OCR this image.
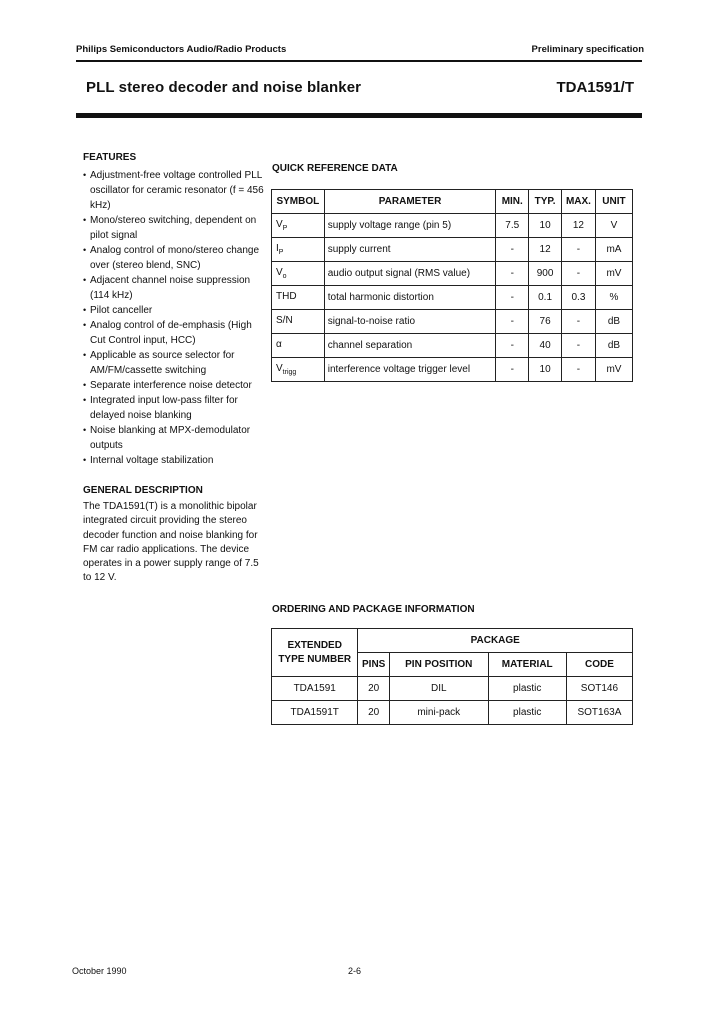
Philips Semiconductors Audio/Radio Products	Preliminary specification
PLL stereo decoder and noise blanker	TDA1591/T
FEATURES
• Adjustment-free voltage controlled PLL oscillator for ceramic resonator (f = 456 kHz)
• Mono/stereo switching, dependent on pilot signal
• Analog control of mono/stereo change over (stereo blend, SNC)
• Adjacent channel noise suppression (114 kHz)
• Pilot canceller
• Analog control of de-emphasis (High Cut Control input, HCC)
• Applicable as source selector for AM/FM/cassette switching
• Separate interference noise detector
• Integrated input low-pass filter for delayed noise blanking
• Noise blanking at MPX-demodulator outputs
• Internal voltage stabilization
GENERAL DESCRIPTION
The TDA1591(T) is a monolithic bipolar integrated circuit providing the stereo decoder function and noise blanking for FM car radio applications. The device operates in a power supply range of 7.5 to 12 V.
QUICK REFERENCE DATA
SYMBOL	PARAMETER	MIN.	TYP.	MAX.	UNIT
$V_P$	supply voltage range (pin 5)	7.5	10	12	V
$I_P$	supply current	-	12	-	mA
$V_o$	audio output signal (RMS value)	-	900	-	mV
THD	total harmonic distortion	-	0.1	0.3	%
S/N	signal-to-noise ratio	-	76	-	dB
α	channel separation	-	40	-	dB
$V_{trigg}$	interference voltage trigger level	-	10	-	mV
ORDERING AND PACKAGE INFORMATION
EXTENDED
TYPE NUMBER	PACKAGE			
	PINS	PIN POSITION	MATERIAL	CODE
TDA1591	20	DIL	plastic	SOT146
TDA1591T	20	mini-pack	plastic	SOT163A
October 1990	2-6
